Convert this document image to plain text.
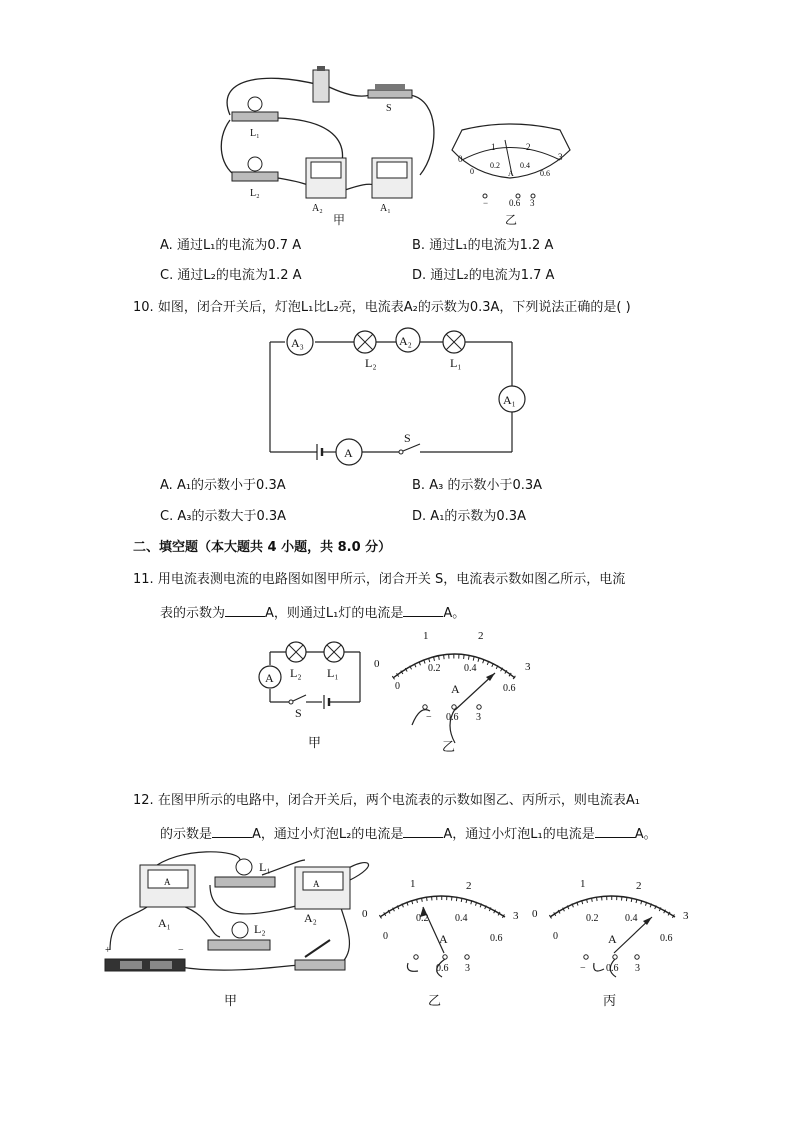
S
L₁
L₂
A₂	A₁
甲
0
1	2
3
0
0.2	0.4
0.6
A
− 0.6 3
乙
A. 通过L₁的电流为0.7 A	B. 通过L₁的电流为1.2 A
C. 通过L₂的电流为1.2 A	D. 通过L₂的电流为1.7 A
10. 如图，闭合开关后，灯泡L₁比L₂亮，电流表A₂的示数为0.3A，下列说法正确的是( )
A₃
L₂
A₂
L₁
A₁
S
A
A. A₁的示数小于0.3A	B. A₃ 的示数小于0.3A
C. A₃的示数大于0.3A	D. A₁的示数为0.3A
二、填空题（本大题共 4 小题，共 8.0 分）
11. 用电流表测电流的电路图如图甲所示，闭合开关 S，电流表示数如图乙所示，电流
表的示数为	A，则通过L₁灯的电流是	A。
A L₂ L₁
S
甲
0
1	2
3
0
0.2 0.4
0.6
A
− 0.6 3
乙
12. 在图甲所示的电路中，闭合开关后，两个电流表的示数如图乙、丙所示，则电流表A₁
的示数是	A，通过小灯泡L₂的电流是	A，通过小灯泡L₁的电流是	A。
A
A₁
A
A₂
L₁
L₂
+	−
甲
0
1	2
3
0
0.2	0.4
0.6
A
0.6 3
乙
0
1	2
3
0
0.2	0.4
0.6
A
− 0.6 3
丙
